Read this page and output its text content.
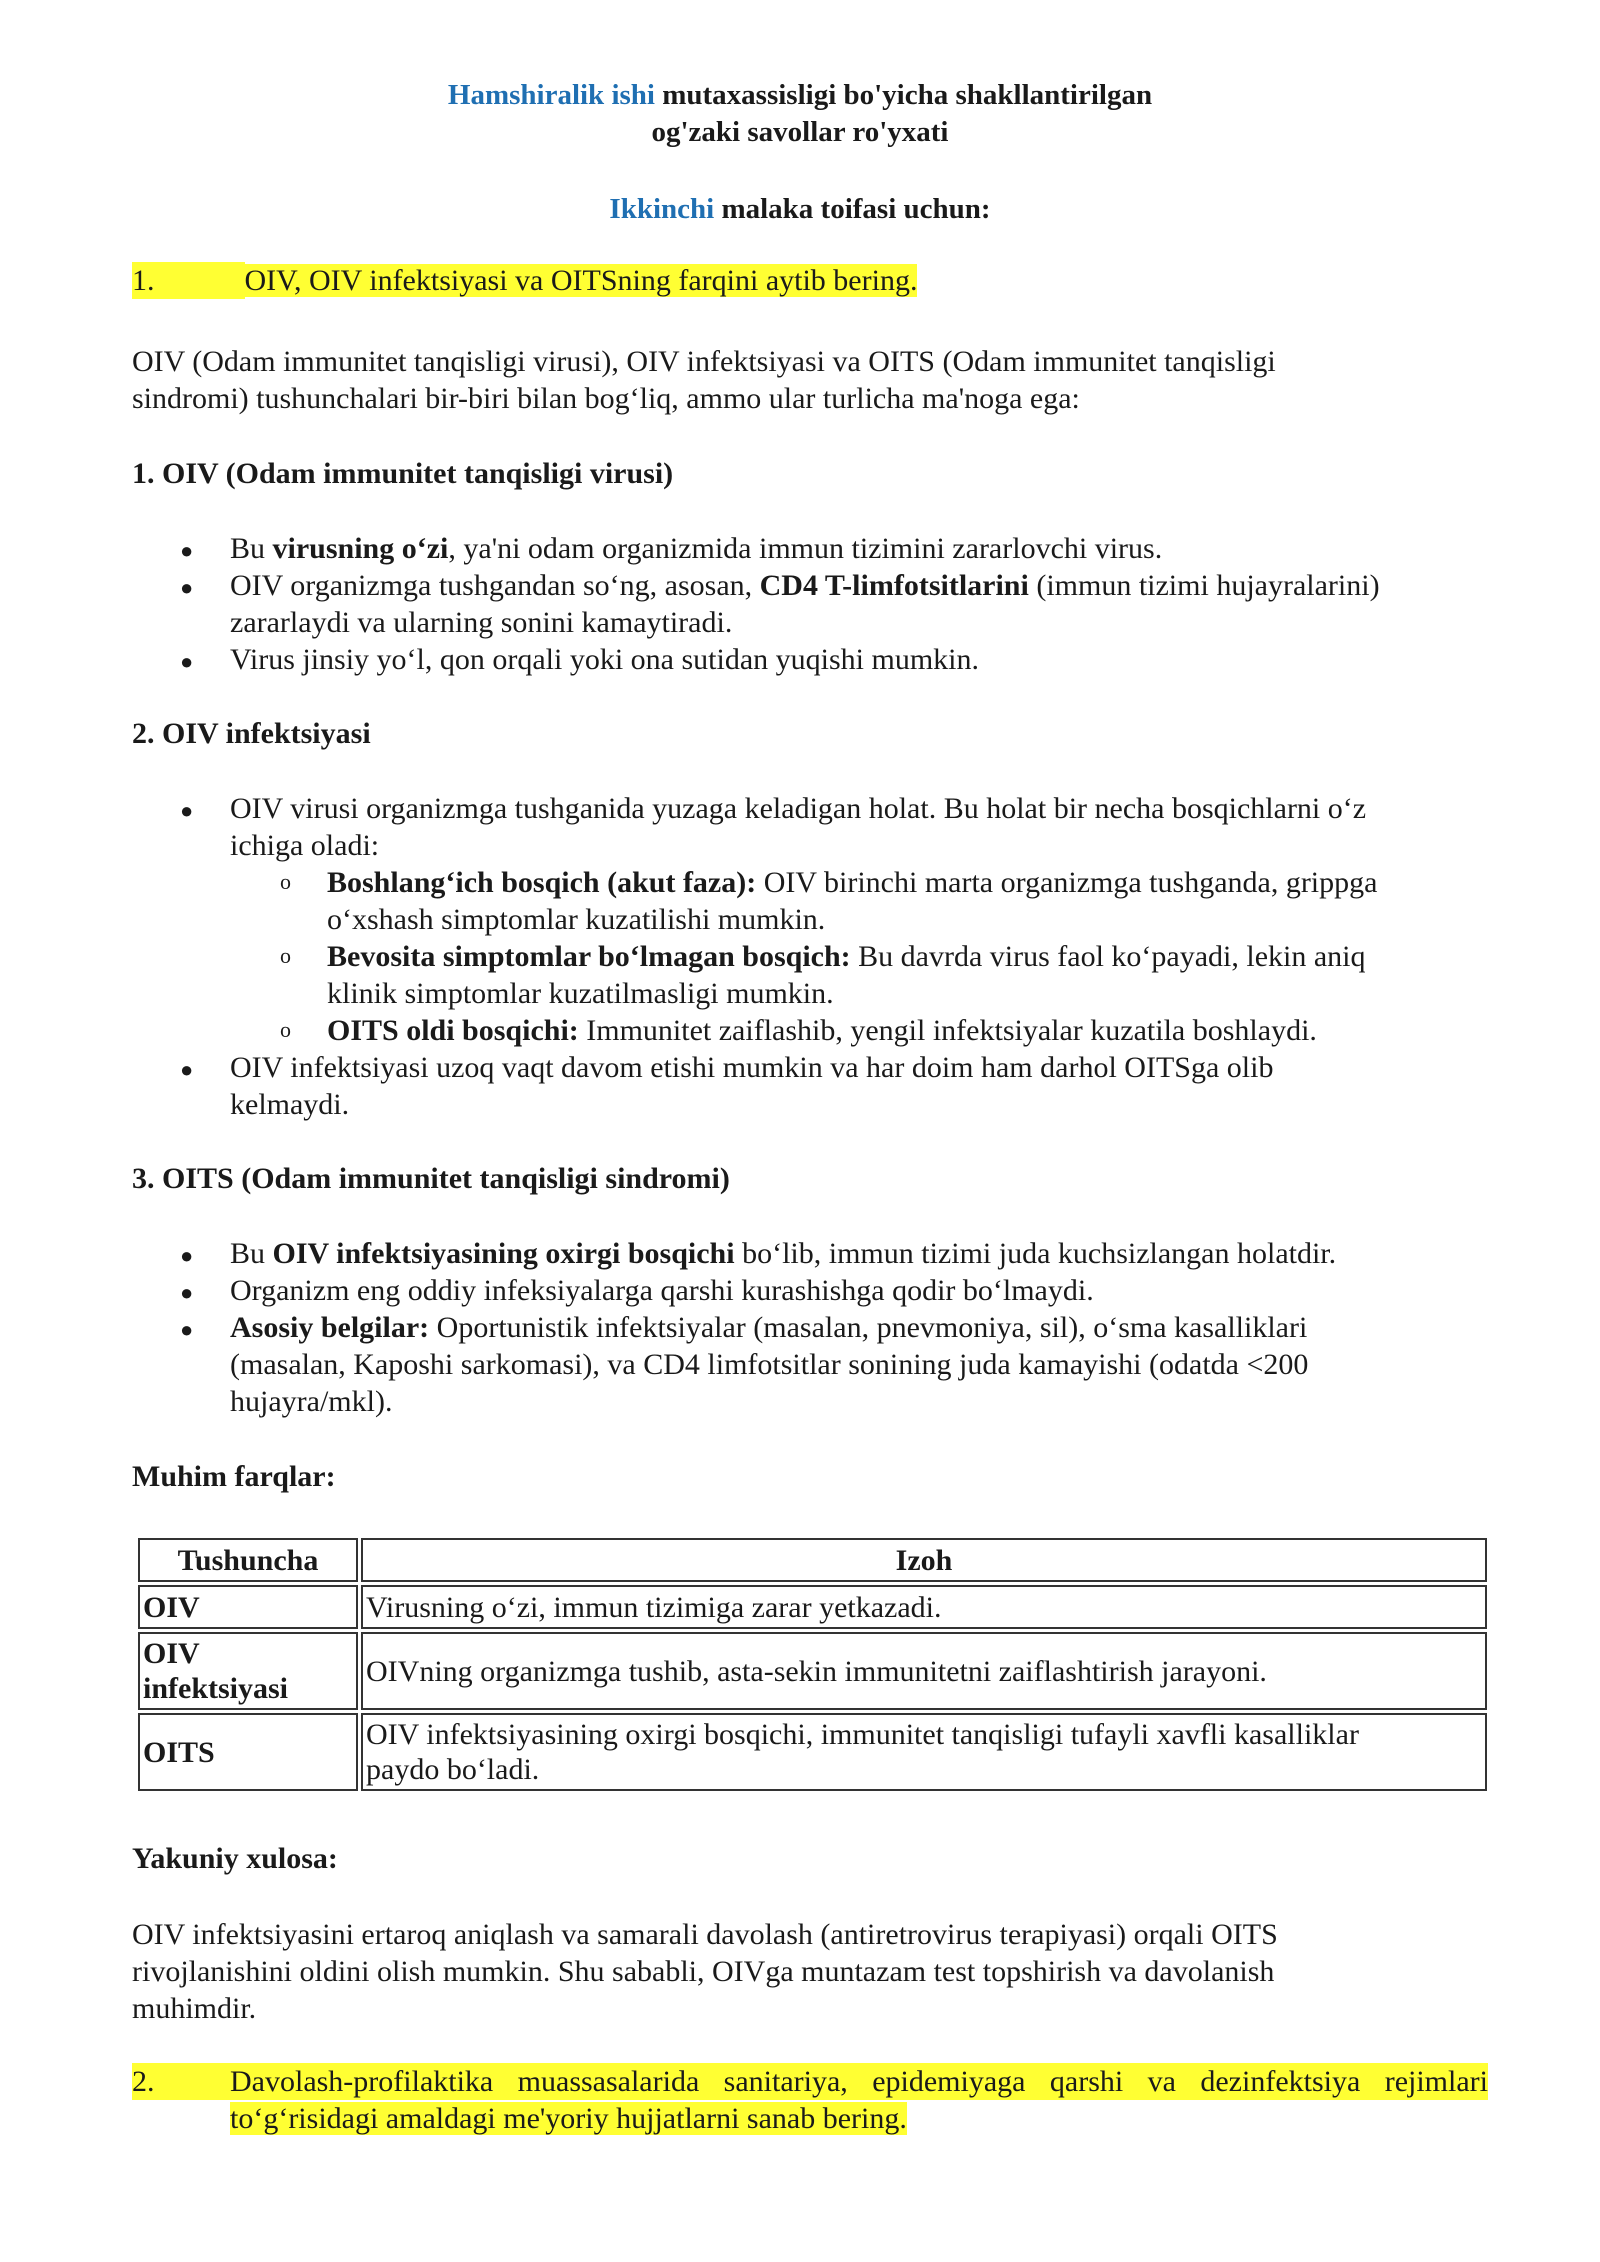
Hamshiralik ishi mutaxassisligi bo'yicha shakllantirilgan
og'zaki savollar ro'yxati
Ikkinchi malaka toifasi uchun:
1.	OIV, OIV infektsiyasi va OITSning farqini aytib bering.
OIV (Odam immunitet tanqisligi virusi), OIV infektsiyasi va OITS (Odam immunitet tanqisligi
sindromi) tushunchalari bir-biri bilan bog‘liq, ammo ular turlicha ma'noga ega:
1. OIV (Odam immunitet tanqisligi virusi)
● Bu virusning o‘zi, ya'ni odam organizmida immun tizimini zararlovchi virus.
● OIV organizmga tushgandan so‘ng, asosan, CD4 T-limfotsitlarini (immun tizimi hujayralarini)
zararlaydi va ularning sonini kamaytiradi.
● Virus jinsiy yo‘l, qon orqali yoki ona sutidan yuqishi mumkin.
2. OIV infektsiyasi
● OIV virusi organizmga tushganida yuzaga keladigan holat. Bu holat bir necha bosqichlarni o‘z
ichiga oladi:
o Boshlang‘ich bosqich (akut faza): OIV birinchi marta organizmga tushganda, grippga
o‘xshash simptomlar kuzatilishi mumkin.
o Bevosita simptomlar bo‘lmagan bosqich: Bu davrda virus faol ko‘payadi, lekin aniq
klinik simptomlar kuzatilmasligi mumkin.
o OITS oldi bosqichi: Immunitet zaiflashib, yengil infektsiyalar kuzatila boshlaydi.
● OIV infektsiyasi uzoq vaqt davom etishi mumkin va har doim ham darhol OITSga olib
kelmaydi.
3. OITS (Odam immunitet tanqisligi sindromi)
● Bu OIV infektsiyasining oxirgi bosqichi bo‘lib, immun tizimi juda kuchsizlangan holatdir.
● Organizm eng oddiy infeksiyalarga qarshi kurashishga qodir bo‘lmaydi.
● Asosiy belgilar: Oportunistik infektsiyalar (masalan, pnevmoniya, sil), o‘sma kasalliklari
(masalan, Kaposhi sarkomasi), va CD4 limfotsitlar sonining juda kamayishi (odatda <200
hujayra/mkl).
Muhim farqlar:
Tushuncha	Izoh
OIV	Virusning o‘zi, immun tizimiga zarar yetkazadi.

OIV
infektsiyasi	OIVning organizmga tushib, asta-sekin immunitetni zaiflashtirish jarayoni.
OITS	OIV infektsiyasining oxirgi bosqichi, immunitet tanqisligi tufayli xavfli kasalliklar
paydo bo‘ladi.
Yakuniy xulosa:
OIV infektsiyasini ertaroq aniqlash va samarali davolash (antiretrovirus terapiyasi) orqali OITS
rivojlanishini oldini olish mumkin. Shu sababli, OIVga muntazam test topshirish va davolanish
muhimdir.
2.	Davolash-profilaktika muassasalarida sanitariya, epidemiyaga qarshi va dezinfektsiya rejimlari
to‘g‘risidagi amaldagi me'yoriy hujjatlarni sanab bering.
